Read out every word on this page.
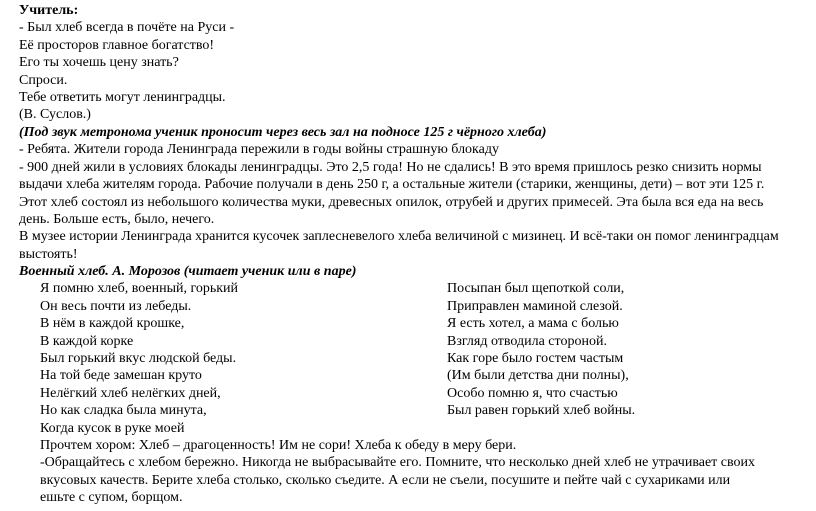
Учитель:
- Был хлеб всегда в почёте на Руси -
Её просторов главное богатство!
Его ты хочешь цену знать?
Спроси.
Тебе ответить могут ленинградцы.
(В. Суслов.)
(Под звук метронома ученик проносит через весь зал на подносе 125 г чёрного хлеба)
- Ребята. Жители города Ленинграда пережили в годы войны страшную блокаду
- 900 дней жили в условиях блокады ленинградцы. Это 2,5 года! Но не сдались! В это время пришлось резко снизить нормы
выдачи хлеба жителям города. Рабочие получали в день 250 г, а остальные жители (старики, женщины, дети) – вот эти 125 г.
Этот хлеб состоял из небольшого количества муки, древесных опилок, отрубей и других примесей. Эта была вся еда на весь
день. Больше есть, было, нечего.
В музее истории Ленинграда хранится кусочек заплесневелого хлеба величиной с мизинец. И всё-таки он помог ленинградцам
выстоять!
Военный хлеб. А. Морозов (читает ученик или в паре)
Я помню хлеб, военный, горький
Он весь почти из лебеды.
В нём в каждой крошке,
В каждой корке
Был горький вкус людской беды.
На той беде замешан круто
Нелёгкий хлеб нелёгких дней,
Но как сладка была минута,
Когда кусок в руке моей
Посыпан был щепоткой соли,
Приправлен маминой слезой.
Я есть хотел, а мама с болью
Взгляд отводила стороной.
Как горе было гостем частым
(Им были детства дни полны),
Особо помню я, что счастью
Был равен горький хлеб войны.
Прочтем хором: Хлеб – драгоценность! Им не сори! Хлеба к обеду в меру бери.
-Обращайтесь с хлебом бережно. Никогда не выбрасывайте его. Помните, что несколько дней хлеб не утрачивает своих
вкусовых качеств. Берите хлеба столько, сколько съедите. А если не съели, посушите и пейте чай с сухариками или
ешьте с супом, борщом.
